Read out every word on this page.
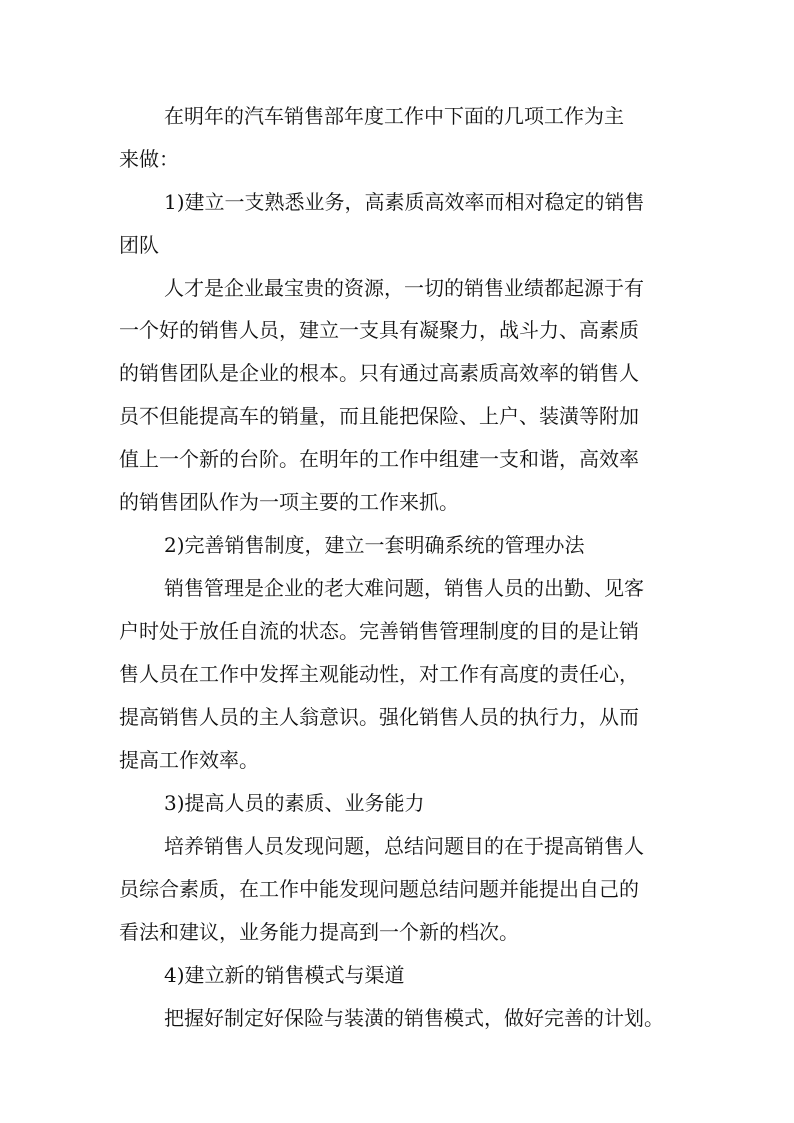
在明年的汽车销售部年度工作中下面的几项工作为主
来做：
1)建立一支熟悉业务，高素质高效率而相对稳定的销售
团队
人才是企业最宝贵的资源，一切的销售业绩都起源于有
一个好的销售人员，建立一支具有凝聚力，战斗力、高素质
的销售团队是企业的根本。只有通过高素质高效率的销售人
员不但能提高车的销量，而且能把保险、上户、装潢等附加
值上一个新的台阶。在明年的工作中组建一支和谐，高效率
的销售团队作为一项主要的工作来抓。
2)完善销售制度，建立一套明确系统的管理办法
销售管理是企业的老大难问题，销售人员的出勤、见客
户时处于放任自流的状态。完善销售管理制度的目的是让销
售人员在工作中发挥主观能动性，对工作有高度的责任心，
提高销售人员的主人翁意识。强化销售人员的执行力，从而
提高工作效率。
3)提高人员的素质、业务能力
培养销售人员发现问题，总结问题目的在于提高销售人
员综合素质，在工作中能发现问题总结问题并能提出自己的
看法和建议，业务能力提高到一个新的档次。
4)建立新的销售模式与渠道
把握好制定好保险与装潢的销售模式，做好完善的计划。
